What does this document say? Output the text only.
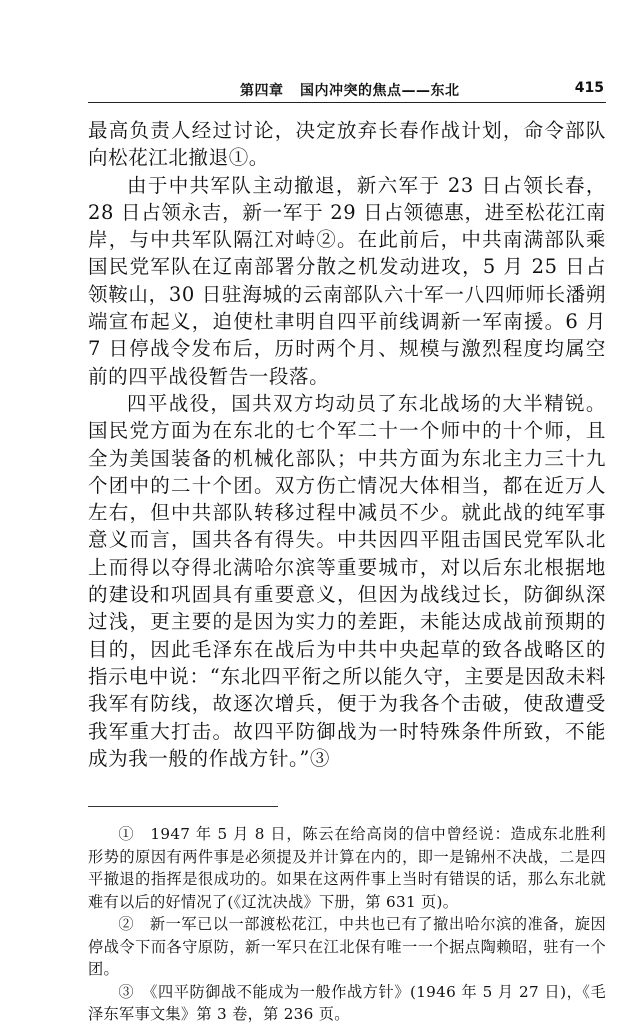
第四章 国内冲突的焦点——东北	415

最高负责人经过讨论，决定放弃长春作战计划，命令部队向松花江北撤退①。

由于中共军队主动撤退，新六军于 23 日占领长春，28 日占领永吉，新一军于 29 日占领德惠，进至松花江南岸，与中共军队隔江对峙②。在此前后，中共南满部队乘国民党军队在辽南部署分散之机发动进攻，5 月 25 日占领鞍山，30 日驻海城的云南部队六十军一八四师师长潘朔端宣布起义，迫使杜聿明自四平前线调新一军南援。6 月 7 日停战令发布后，历时两个月、规模与激烈程度均属空前的四平战役暂告一段落。

四平战役，国共双方均动员了东北战场的大半精锐。国民党方面为在东北的七个军二十一个师中的十个师，且全为美国装备的机械化部队；中共方面为东北主力三十九个团中的二十个团。双方伤亡情况大体相当，都在近万人左右，但中共部队转移过程中减员不少。就此战的纯军事意义而言，国共各有得失。中共因四平阻击国民党军队北上而得以夺得北满哈尔滨等重要城市，对以后东北根据地的建设和巩固具有重要意义，但因为战线过长，防御纵深过浅，更主要的是因为实力的差距，未能达成战前预期的目的，因此毛泽东在战后为中共中央起草的致各战略区的指示电中说：“东北四平衔之所以能久守，主要是因敌未料我军有防线，故逐次增兵，便于为我各个击破，使敌遭受我军重大打击。故四平防御战为一时特殊条件所致，不能成为我一般的作战方针。”③

①　1947 年 5 月 8 日，陈云在给高岗的信中曾经说：造成东北胜利形势的原因有两件事是必须提及并计算在内的，即一是锦州不决战，二是四平撤退的指挥是很成功的。如果在这两件事上当时有错误的话，那么东北就难有以后的好情况了(《辽沈决战》下册，第 631 页)。

②　新一军已以一部渡松花江，中共也已有了撤出哈尔滨的准备，旋因停战令下而各守原防，新一军只在江北保有唯一一个据点陶赖昭，驻有一个团。

③　《四平防御战不能成为一般作战方针》(1946 年 5 月 27 日)，《毛泽东军事文集》第 3 卷，第 236 页。
